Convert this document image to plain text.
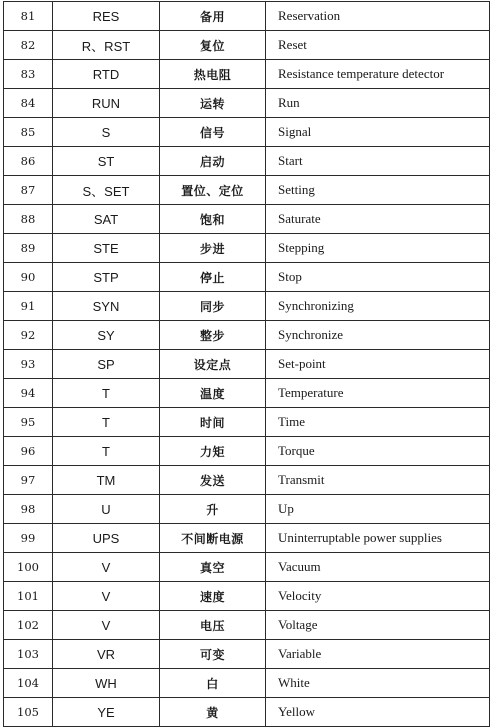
81	RES	备用	Reservation
82	R、RST	复位	Reset
83	RTD	热电阻	Resistance temperature detector
84	RUN	运转	Run
85	S	信号	Signal
86	ST	启动	Start
87	S、SET	置位、定位	Setting
88	SAT	饱和	Saturate
89	STE	步进	Stepping
90	STP	停止	Stop
91	SYN	同步	Synchronizing
92	SY	整步	Synchronize
93	SP	设定点	Set-point
94	T	温度	Temperature
95	T	时间	Time
96	T	力矩	Torque
97	TM	发送	Transmit
98	U	升	Up
99	UPS	不间断电源	Uninterruptable power supplies
100	V	真空	Vacuum
101	V	速度	Velocity
102	V	电压	Voltage
103	VR	可变	Variable
104	WH	白	White
105	YE	黄	Yellow
